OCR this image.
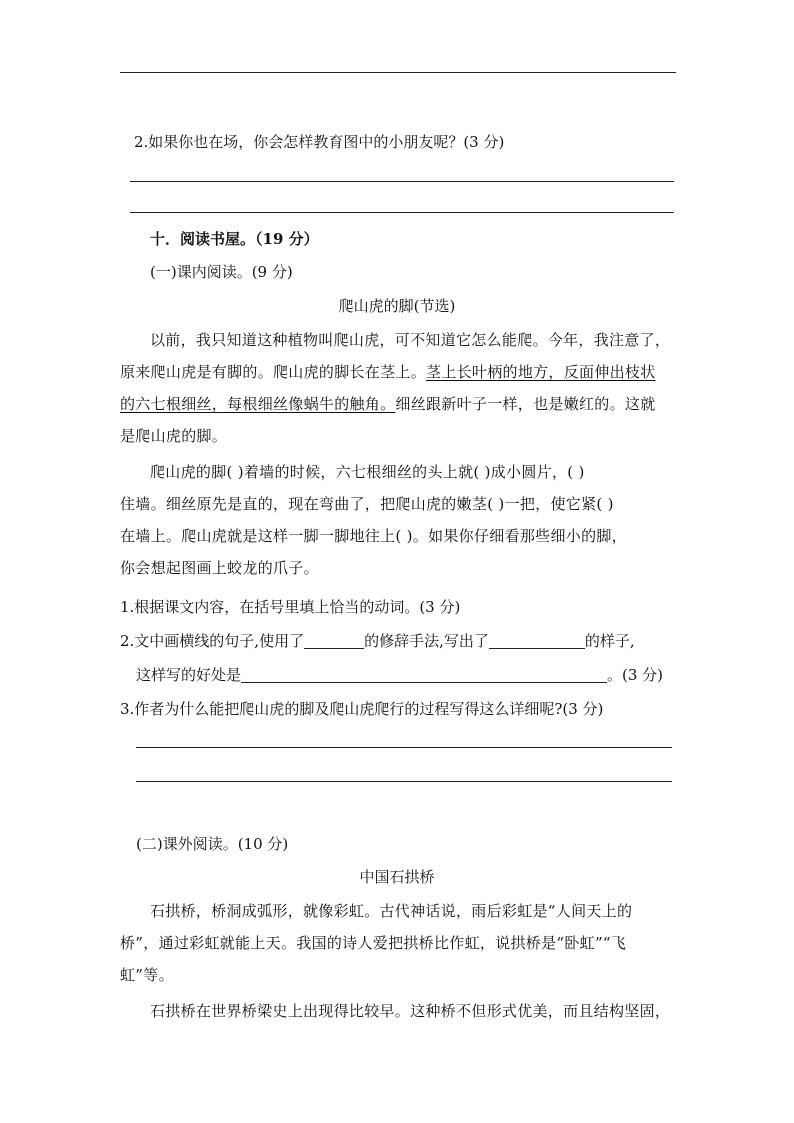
2.如果你也在场，你会怎样教育图中的小朋友呢？(3 分)
十．阅读书屋。（19 分）
(一)课内阅读。(9 分)
爬山虎的脚(节选)
以前，我只知道这种植物叫爬山虎，可不知道它怎么能爬。今年，我注意了，
原来爬山虎是有脚的。爬山虎的脚长在茎上。茎上长叶柄的地方，反面伸出枝状
的六七根细丝，每根细丝像蜗牛的触角。细丝跟新叶子一样，也是嫩红的。这就
是爬山虎的脚。
爬山虎的脚( )着墙的时候，六七根细丝的头上就( )成小圆片，( )
住墙。细丝原先是直的，现在弯曲了，把爬山虎的嫩茎( )一把，使它紧( )
在墙上。爬山虎就是这样一脚一脚地往上( )。如果你仔细看那些细小的脚，
你会想起图画上蛟龙的爪子。
1.根据课文内容，在括号里填上恰当的动词。(3 分)
2.文中画横线的句子,使用了	的修辞手法,写出了	的样子,
这样写的好处是	。(3 分)
3.作者为什么能把爬山虎的脚及爬山虎爬行的过程写得这么详细呢?(3 分)
(二)课外阅读。(10 分)
中国石拱桥
石拱桥，桥洞成弧形，就像彩虹。古代神话说，雨后彩虹是“人间天上的
桥”，通过彩虹就能上天。我国的诗人爱把拱桥比作虹，说拱桥是“卧虹”“飞
虹”等。
石拱桥在世界桥梁史上出现得比较早。这种桥不但形式优美，而且结构坚固，
